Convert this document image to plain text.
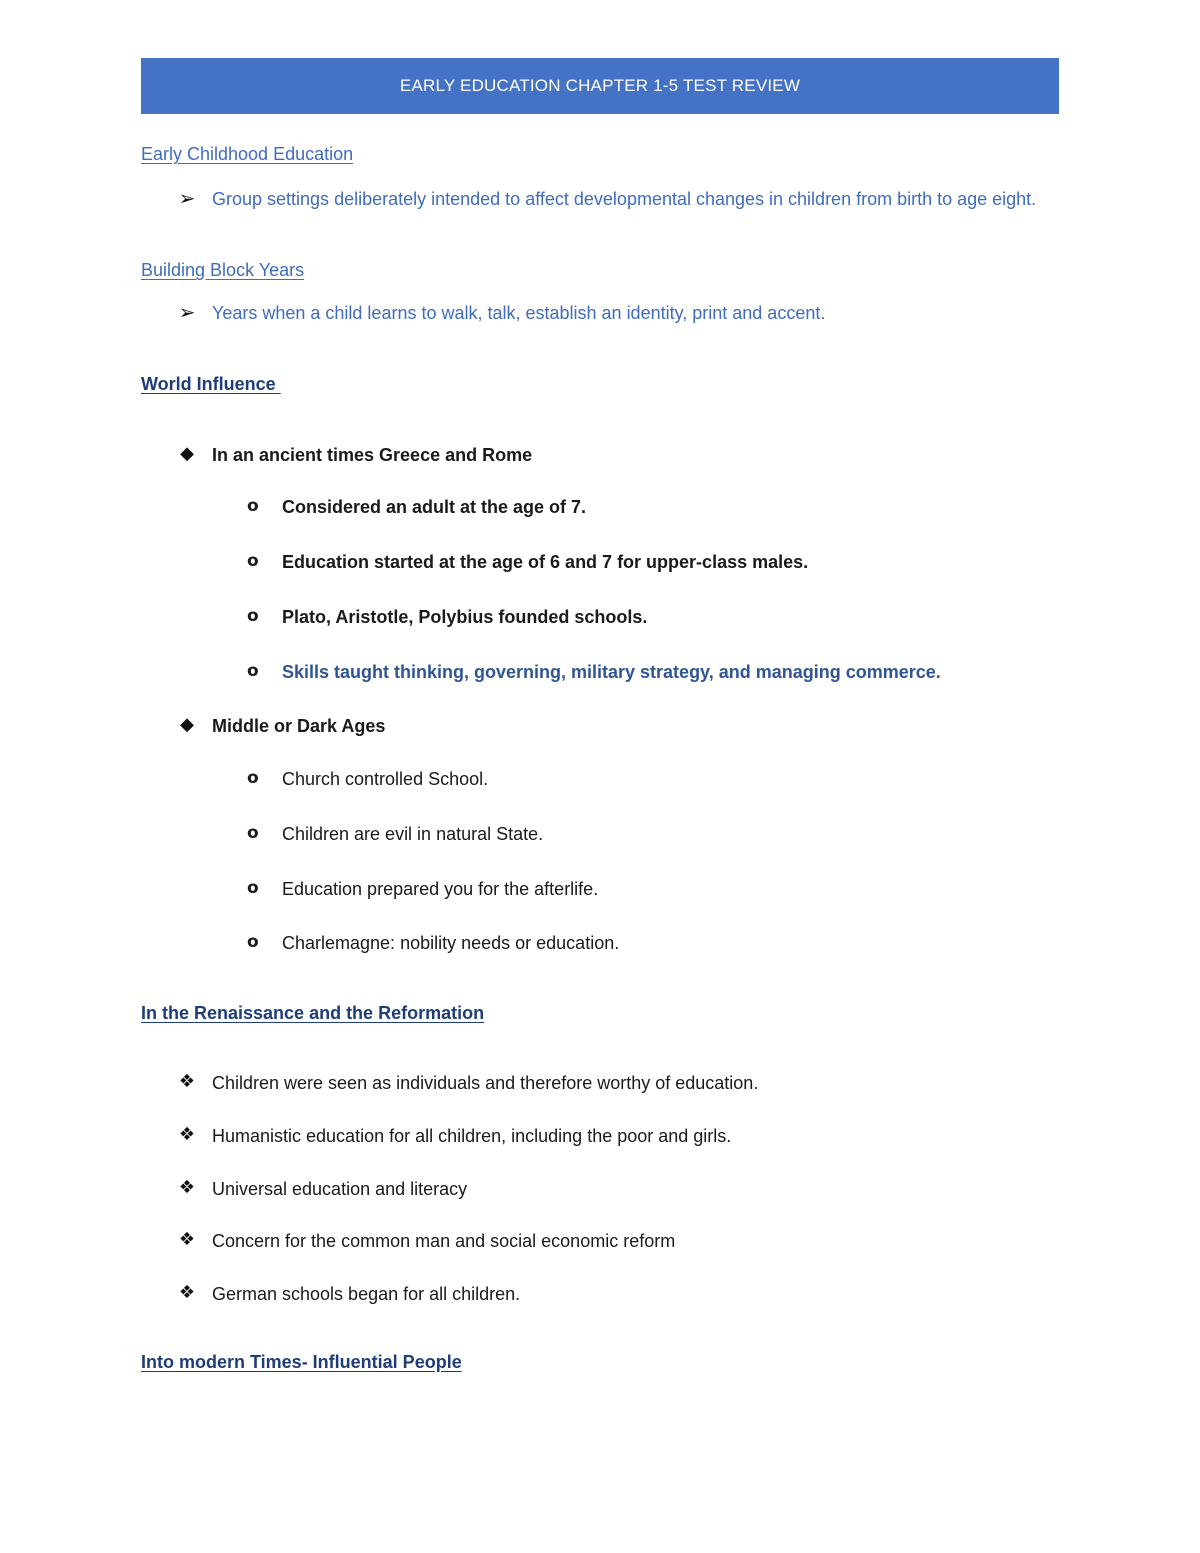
EARLY EDUCATION CHAPTER 1-5 TEST REVIEW
Early Childhood Education
➢ Group settings deliberately intended to affect developmental changes in children from birth to age eight.
Building Block Years
➢ Years when a child learns to walk, talk, establish an identity, print and accent.
World Influence
◆ In an ancient times Greece and Rome
o Considered an adult at the age of 7.
o Education started at the age of 6 and 7 for upper-class males.
o Plato, Aristotle, Polybius founded schools.
o Skills taught thinking, governing, military strategy, and managing commerce.
◆ Middle or Dark Ages
o Church controlled School.
o Children are evil in natural State.
o Education prepared you for the afterlife.
o Charlemagne: nobility needs or education.
In the Renaissance and the Reformation
❖ Children were seen as individuals and therefore worthy of education.
❖ Humanistic education for all children, including the poor and girls.
❖ Universal education and literacy
❖ Concern for the common man and social economic reform
❖ German schools began for all children.
Into modern Times- Influential People
